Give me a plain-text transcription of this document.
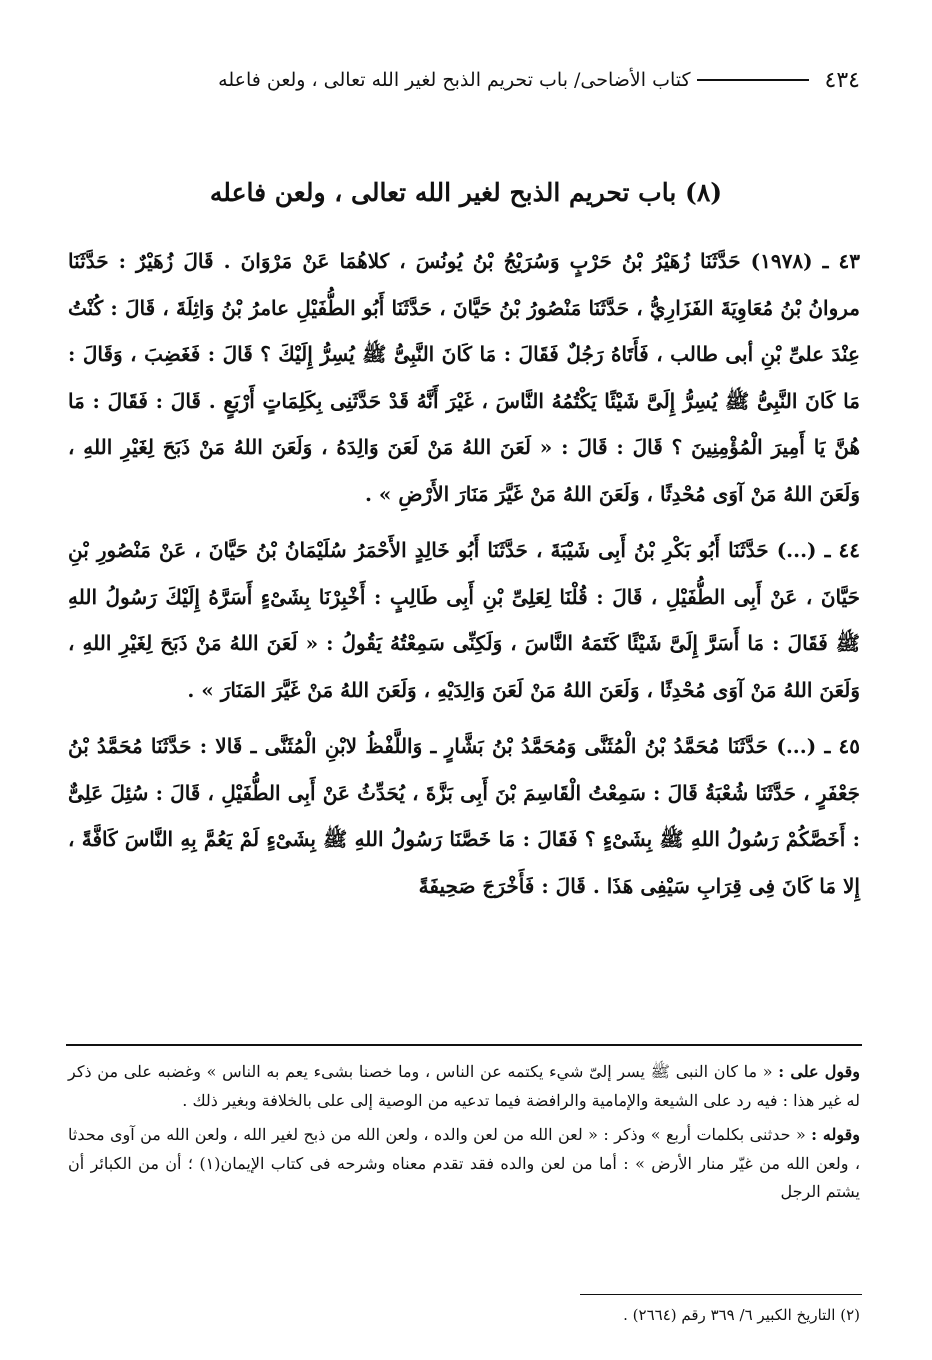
٤٣٤
كتاب الأضاحى/ باب تحريم الذبح لغير الله تعالى ، ولعن فاعله
(٨) باب تحريم الذبح لغير الله تعالى ، ولعن فاعله

٤٣ ـ (١٩٧٨) حَدَّثَنَا زُهَيْرُ بْنُ حَرْبٍ وَسُرَيْجُ بْنُ يُونُسَ ، كلاهُمَا عَنْ مَرْوَانَ . قَالَ زُهَيْرٌ : حَدَّثَنَا مروانُ بْنُ مُعَاوِيَةَ الفَزَارِيُّ ، حَدَّثَنَا مَنْصُورُ بْنُ حَيَّانَ ، حَدَّثَنَا أَبُو الطُّفَيْلِ عامرُ بْنُ وَاثِلَةَ ، قَالَ : كُنْتُ عِنْدَ علىِّ بْنِ أبى طالب ، فَأَتَاهُ رَجُلٌ فَقَالَ : مَا كَانَ النَّبِىُّ ﷺ يُسِرُّ إِلَيْكَ ؟ قَالَ : فَغَضِبَ ، وَقَالَ : مَا كَانَ النَّبِىُّ ﷺ يُسِرُّ إِلَىَّ شَيْئًا يَكْتُمُهُ النَّاسَ ، غَيْرَ أَنَّهُ قَدْ حَدَّثَنِى بِكَلِمَاتٍ أَرْبَعٍ . قَالَ : فَقَالَ : مَا هُنَّ يَا أَمِيرَ الْمُؤْمِنِينَ ؟ قَالَ : قَالَ : « لَعَنَ اللهُ مَنْ لَعَنَ وَالِدَهُ ، وَلَعَنَ اللهُ مَنْ ذَبَحَ لِغَيْرِ اللهِ ، وَلَعَنَ اللهُ مَنْ آوَى مُحْدِثًا ، وَلَعَنَ اللهُ مَنْ غَيَّرَ مَنَارَ الأَرْضِ » .

٤٤ ـ (...) حَدَّثَنَا أَبُو بَكْرِ بْنُ أَبِى شَيْبَةَ ، حَدَّثَنَا أَبُو خَالِدٍ الأَحْمَرُ سُلَيْمَانُ بْنُ حَيَّانَ ، عَنْ مَنْصُورِ بْنِ حَيَّانَ ، عَنْ أَبِى الطُّفَيْلِ ، قَالَ : قُلْنَا لِعَلِىِّ بْنِ أَبِى طَالِبٍ : أَخْبِرْنَا بِشَىْءٍ أَسَرَّهُ إِلَيْكَ رَسُولُ اللهِ ﷺ فَقَالَ : مَا أَسَرَّ إِلَىَّ شَيْئًا كَتَمَهُ النَّاسَ ، وَلَكِنِّى سَمِعْتُهُ يَقُولُ : « لَعَنَ اللهُ مَنْ ذَبَحَ لِغَيْرِ اللهِ ، وَلَعَنَ اللهُ مَنْ آوَى مُحْدِثًا ، وَلَعَنَ اللهُ مَنْ لَعَنَ وَالِدَيْهِ ، وَلَعَنَ اللهُ مَنْ غَيَّرَ المَنَارَ » .

٤٥ ـ (...) حَدَّثَنَا مُحَمَّدُ بْنُ الْمُثَنَّى وَمُحَمَّدُ بْنُ بَشَّارٍ ـ وَاللَّفْظُ لابْنِ الْمُثَنَّى ـ قَالا : حَدَّثَنَا مُحَمَّدُ بْنُ جَعْفَرٍ ، حَدَّثَنَا شُعْبَةُ قَالَ : سَمِعْتُ الْقَاسِمَ بْنَ أَبِى بَزَّةَ ، يُحَدِّثُ عَنْ أَبِى الطُّفَيْلِ ، قَالَ : سُئِلَ عَلِىٌّ : أَخَصَّكُمْ رَسُولُ اللهِ ﷺ بِشَىْءٍ ؟ فَقَالَ : مَا خَصَّنَا رَسُولُ اللهِ ﷺ بِشَىْءٍ لَمْ يَعُمَّ بِهِ النَّاسَ كَافَّةً ، إِلا مَا كَانَ فِى قِرَابِ سَيْفِى هَذَا . قَالَ : فَأَخْرَجَ صَحِيفَةً

وقول على : « ما كان النبى ﷺ يسر إلىّ شيء يكتمه عن الناس ، وما خصنا بشىء يعم به الناس » وغضبه على من ذكر له غير هذا : فيه رد على الشيعة والإمامية والرافضة فيما تدعيه من الوصية إلى على بالخلافة وبغير ذلك .

وقوله : « حدثنى بكلمات أربع » وذكر : « لعن الله من لعن والده ، ولعن الله من ذبح لغير الله ، ولعن الله من آوى محدثا ، ولعن الله من غيّر منار الأرض » : أما من لعن والده فقد تقدم معناه وشرحه فى كتاب الإيمان(١) ؛ أن من الكبائر أن يشتم الرجل

(٢) التاريخ الكبير ٦/ ٣٦٩ رقم (٢٦٦٤) .
